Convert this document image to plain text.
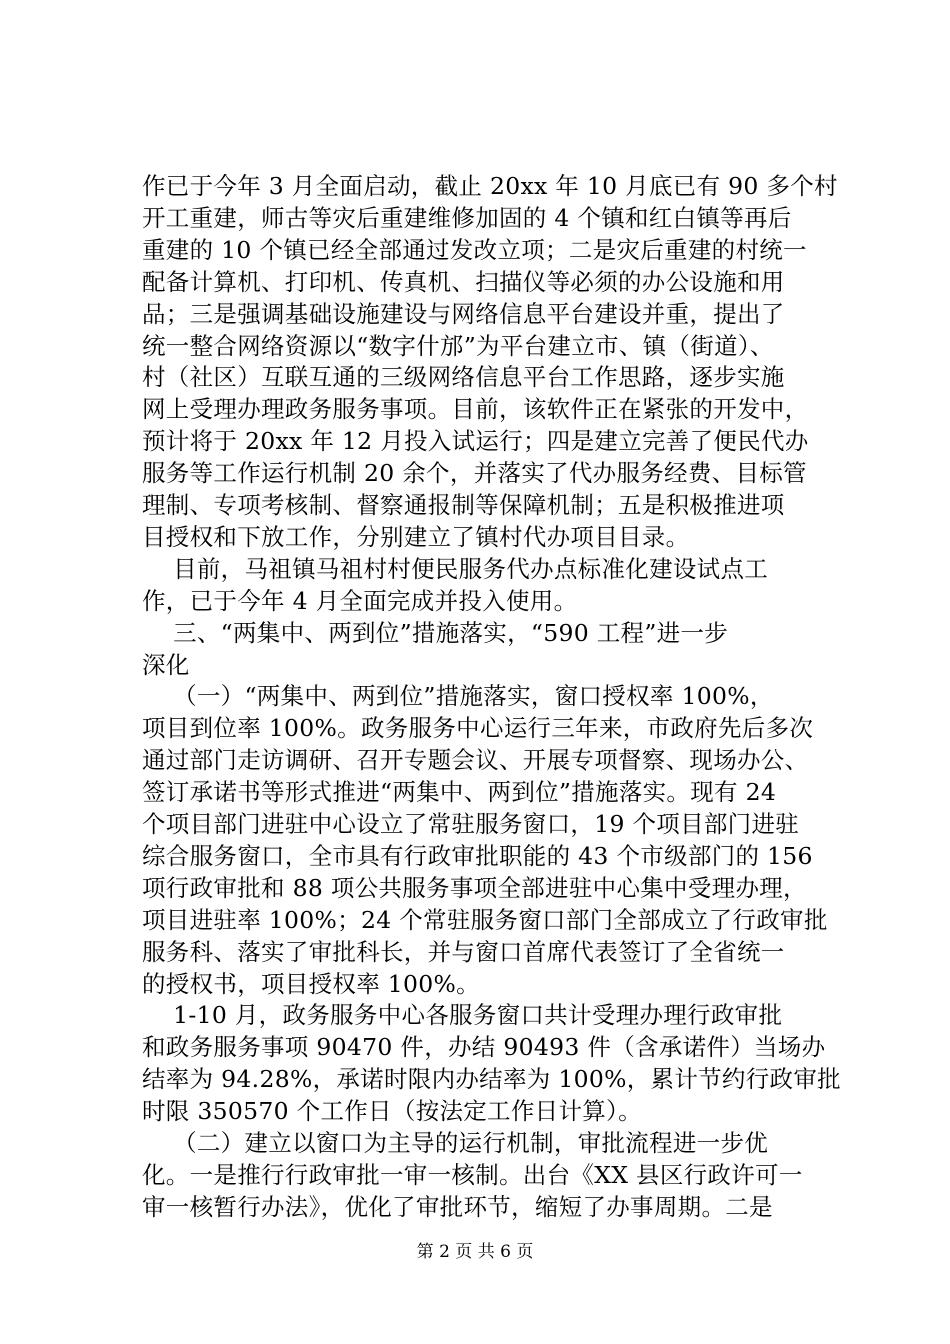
作已于今年 3 月全面启动，截止 20xx 年 10 月底已有 90 多个村
开工重建，师古等灾后重建维修加固的 4 个镇和红白镇等再后
重建的 10 个镇已经全部通过发改立项；二是灾后重建的村统一
配备计算机、打印机、传真机、扫描仪等必须的办公设施和用
品；三是强调基础设施建设与网络信息平台建设并重，提出了
统一整合网络资源以“数字什邡”为平台建立市、镇（街道）、
村（社区）互联互通的三级网络信息平台工作思路，逐步实施
网上受理办理政务服务事项。目前，该软件正在紧张的开发中，
预计将于 20xx 年 12 月投入试运行；四是建立完善了便民代办
服务等工作运行机制 20 余个，并落实了代办服务经费、目标管
理制、专项考核制、督察通报制等保障机制；五是积极推进项
目授权和下放工作，分别建立了镇村代办项目目录。
目前，马祖镇马祖村村便民服务代办点标准化建设试点工
作，已于今年 4 月全面完成并投入使用。
三、“两集中、两到位”措施落实，“590 工程”进一步
深化
（一）“两集中、两到位”措施落实，窗口授权率 100%，
项目到位率 100%。政务服务中心运行三年来，市政府先后多次
通过部门走访调研、召开专题会议、开展专项督察、现场办公、
签订承诺书等形式推进“两集中、两到位”措施落实。现有 24
个项目部门进驻中心设立了常驻服务窗口，19 个项目部门进驻
综合服务窗口，全市具有行政审批职能的 43 个市级部门的 156
项行政审批和 88 项公共服务事项全部进驻中心集中受理办理，
项目进驻率 100%；24 个常驻服务窗口部门全部成立了行政审批
服务科、落实了审批科长，并与窗口首席代表签订了全省统一
的授权书，项目授权率 100%。
1-10 月，政务服务中心各服务窗口共计受理办理行政审批
和政务服务事项 90470 件，办结 90493 件（含承诺件）当场办
结率为 94.28%，承诺时限内办结率为 100%，累计节约行政审批
时限 350570 个工作日（按法定工作日计算）。
（二）建立以窗口为主导的运行机制，审批流程进一步优
化。一是推行行政审批一审一核制。出台《XX 县区行政许可一
审一核暂行办法》，优化了审批环节，缩短了办事周期。二是
第 2 页 共 6 页
